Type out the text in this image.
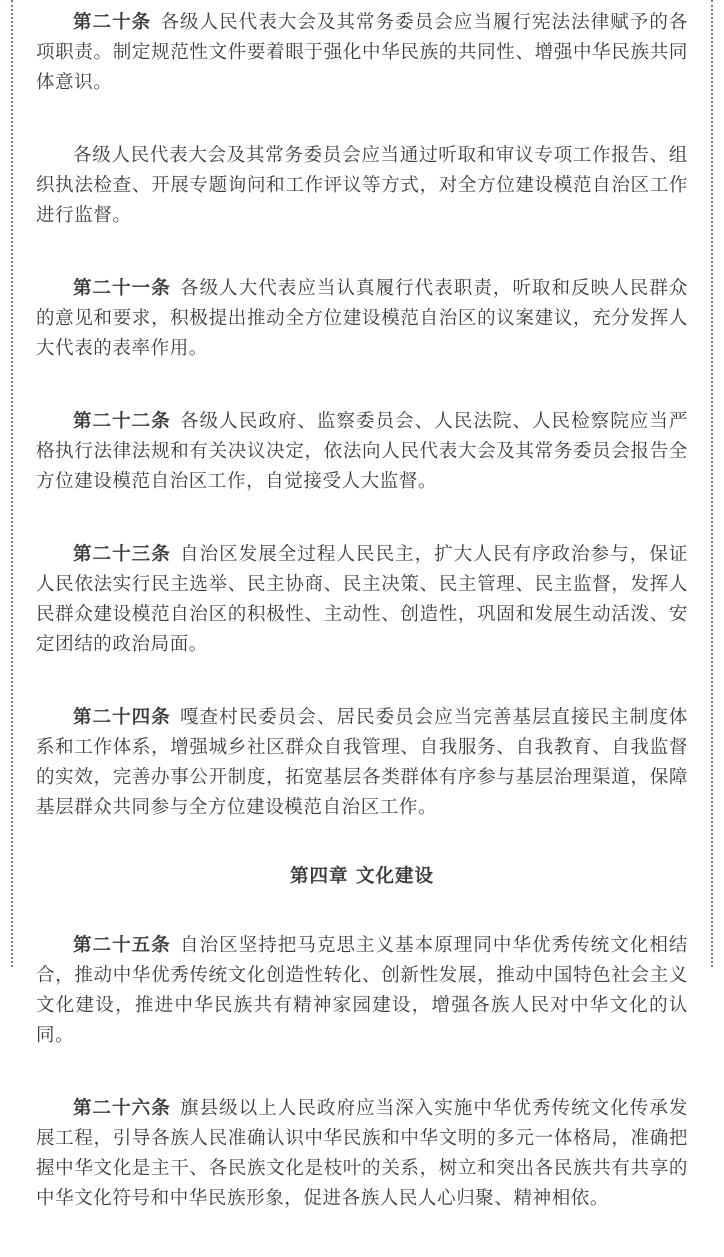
第二十条 各级人民代表大会及其常务委员会应当履行宪法法律赋予的各项职责。制定规范性文件要着眼于强化中华民族的共同性、增强中华民族共同体意识。

各级人民代表大会及其常务委员会应当通过听取和审议专项工作报告、组织执法检查、开展专题询问和工作评议等方式，对全方位建设模范自治区工作进行监督。

第二十一条 各级人大代表应当认真履行代表职责，听取和反映人民群众的意见和要求，积极提出推动全方位建设模范自治区的议案建议，充分发挥人大代表的表率作用。

第二十二条 各级人民政府、监察委员会、人民法院、人民检察院应当严格执行法律法规和有关决议决定，依法向人民代表大会及其常务委员会报告全方位建设模范自治区工作，自觉接受人大监督。

第二十三条 自治区发展全过程人民民主，扩大人民有序政治参与，保证人民依法实行民主选举、民主协商、民主决策、民主管理、民主监督，发挥人民群众建设模范自治区的积极性、主动性、创造性，巩固和发展生动活泼、安定团结的政治局面。

第二十四条 嘎查村民委员会、居民委员会应当完善基层直接民主制度体系和工作体系，增强城乡社区群众自我管理、自我服务、自我教育、自我监督的实效，完善办事公开制度，拓宽基层各类群体有序参与基层治理渠道，保障基层群众共同参与全方位建设模范自治区工作。

第四章 文化建设

第二十五条 自治区坚持把马克思主义基本原理同中华优秀传统文化相结合，推动中华优秀传统文化创造性转化、创新性发展，推动中国特色社会主义文化建设，推进中华民族共有精神家园建设，增强各族人民对中华文化的认同。

第二十六条 旗县级以上人民政府应当深入实施中华优秀传统文化传承发展工程，引导各族人民准确认识中华民族和中华文明的多元一体格局，准确把握中华文化是主干、各民族文化是枝叶的关系，树立和突出各民族共有共享的中华文化符号和中华民族形象，促进各族人民人心归聚、精神相依。
